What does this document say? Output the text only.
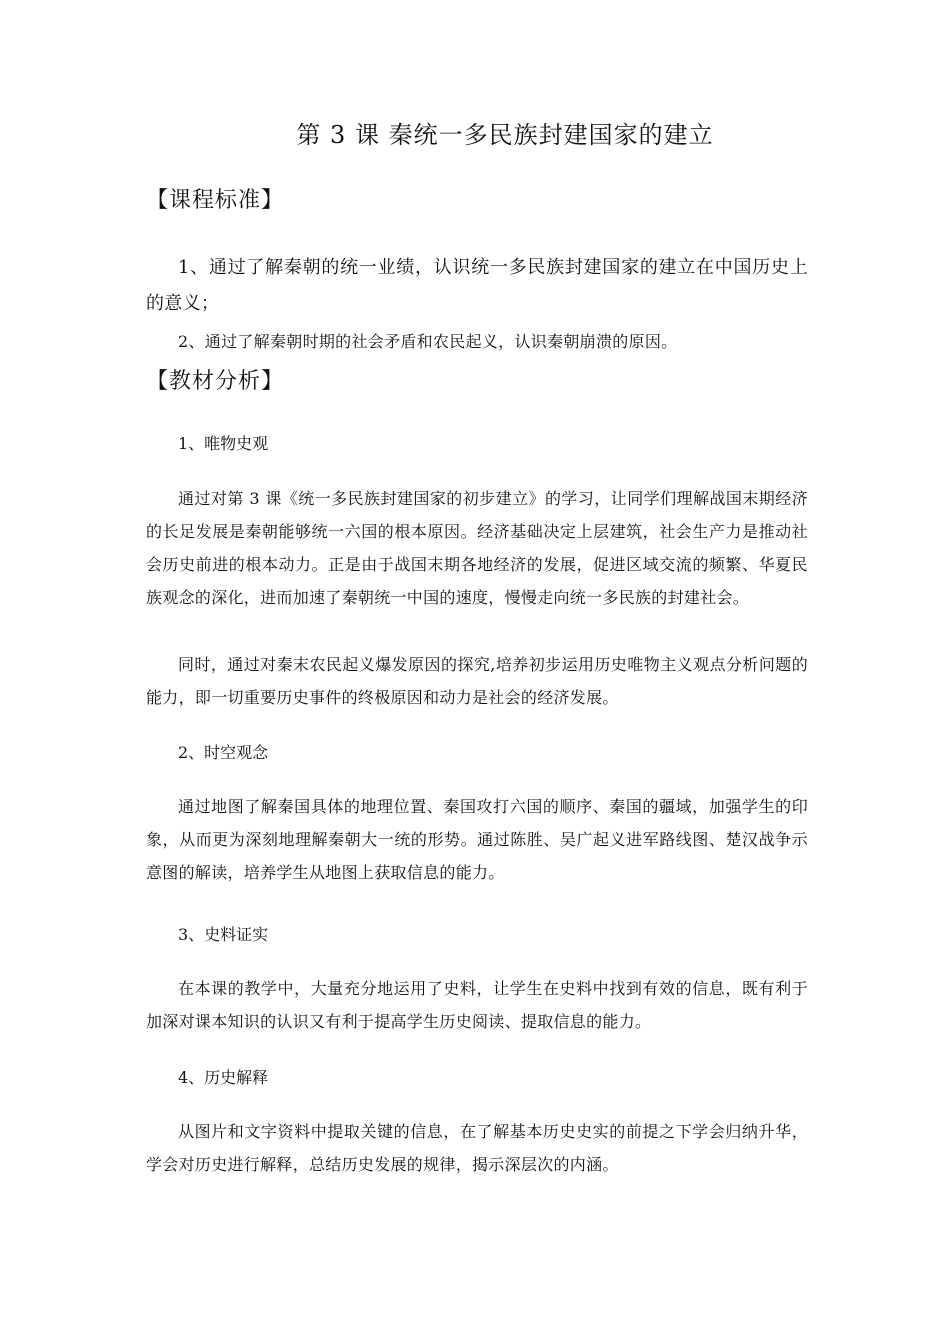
第 3 课 秦统一多民族封建国家的建立
【课程标准】
1、通过了解秦朝的统一业绩，认识统一多民族封建国家的建立在中国历史上的意义；
2、通过了解秦朝时期的社会矛盾和农民起义，认识秦朝崩溃的原因。
【教材分析】
1、唯物史观
通过对第 3 课《统一多民族封建国家的初步建立》的学习，让同学们理解战国末期经济的长足发展是秦朝能够统一六国的根本原因。经济基础决定上层建筑，社会生产力是推动社会历史前进的根本动力。正是由于战国末期各地经济的发展，促进区域交流的频繁、华夏民族观念的深化，进而加速了秦朝统一中国的速度，慢慢走向统一多民族的封建社会。
同时，通过对秦末农民起义爆发原因的探究,培养初步运用历史唯物主义观点分析问题的能力，即一切重要历史事件的终极原因和动力是社会的经济发展。
2、时空观念
通过地图了解秦国具体的地理位置、秦国攻打六国的顺序、秦国的疆域，加强学生的印象，从而更为深刻地理解秦朝大一统的形势。通过陈胜、吴广起义进军路线图、楚汉战争示意图的解读，培养学生从地图上获取信息的能力。
3、史料证实
在本课的教学中，大量充分地运用了史料，让学生在史料中找到有效的信息，既有利于加深对课本知识的认识又有利于提高学生历史阅读、提取信息的能力。
4、历史解释
从图片和文字资料中提取关键的信息，在了解基本历史史实的前提之下学会归纳升华，学会对历史进行解释，总结历史发展的规律，揭示深层次的内涵。
